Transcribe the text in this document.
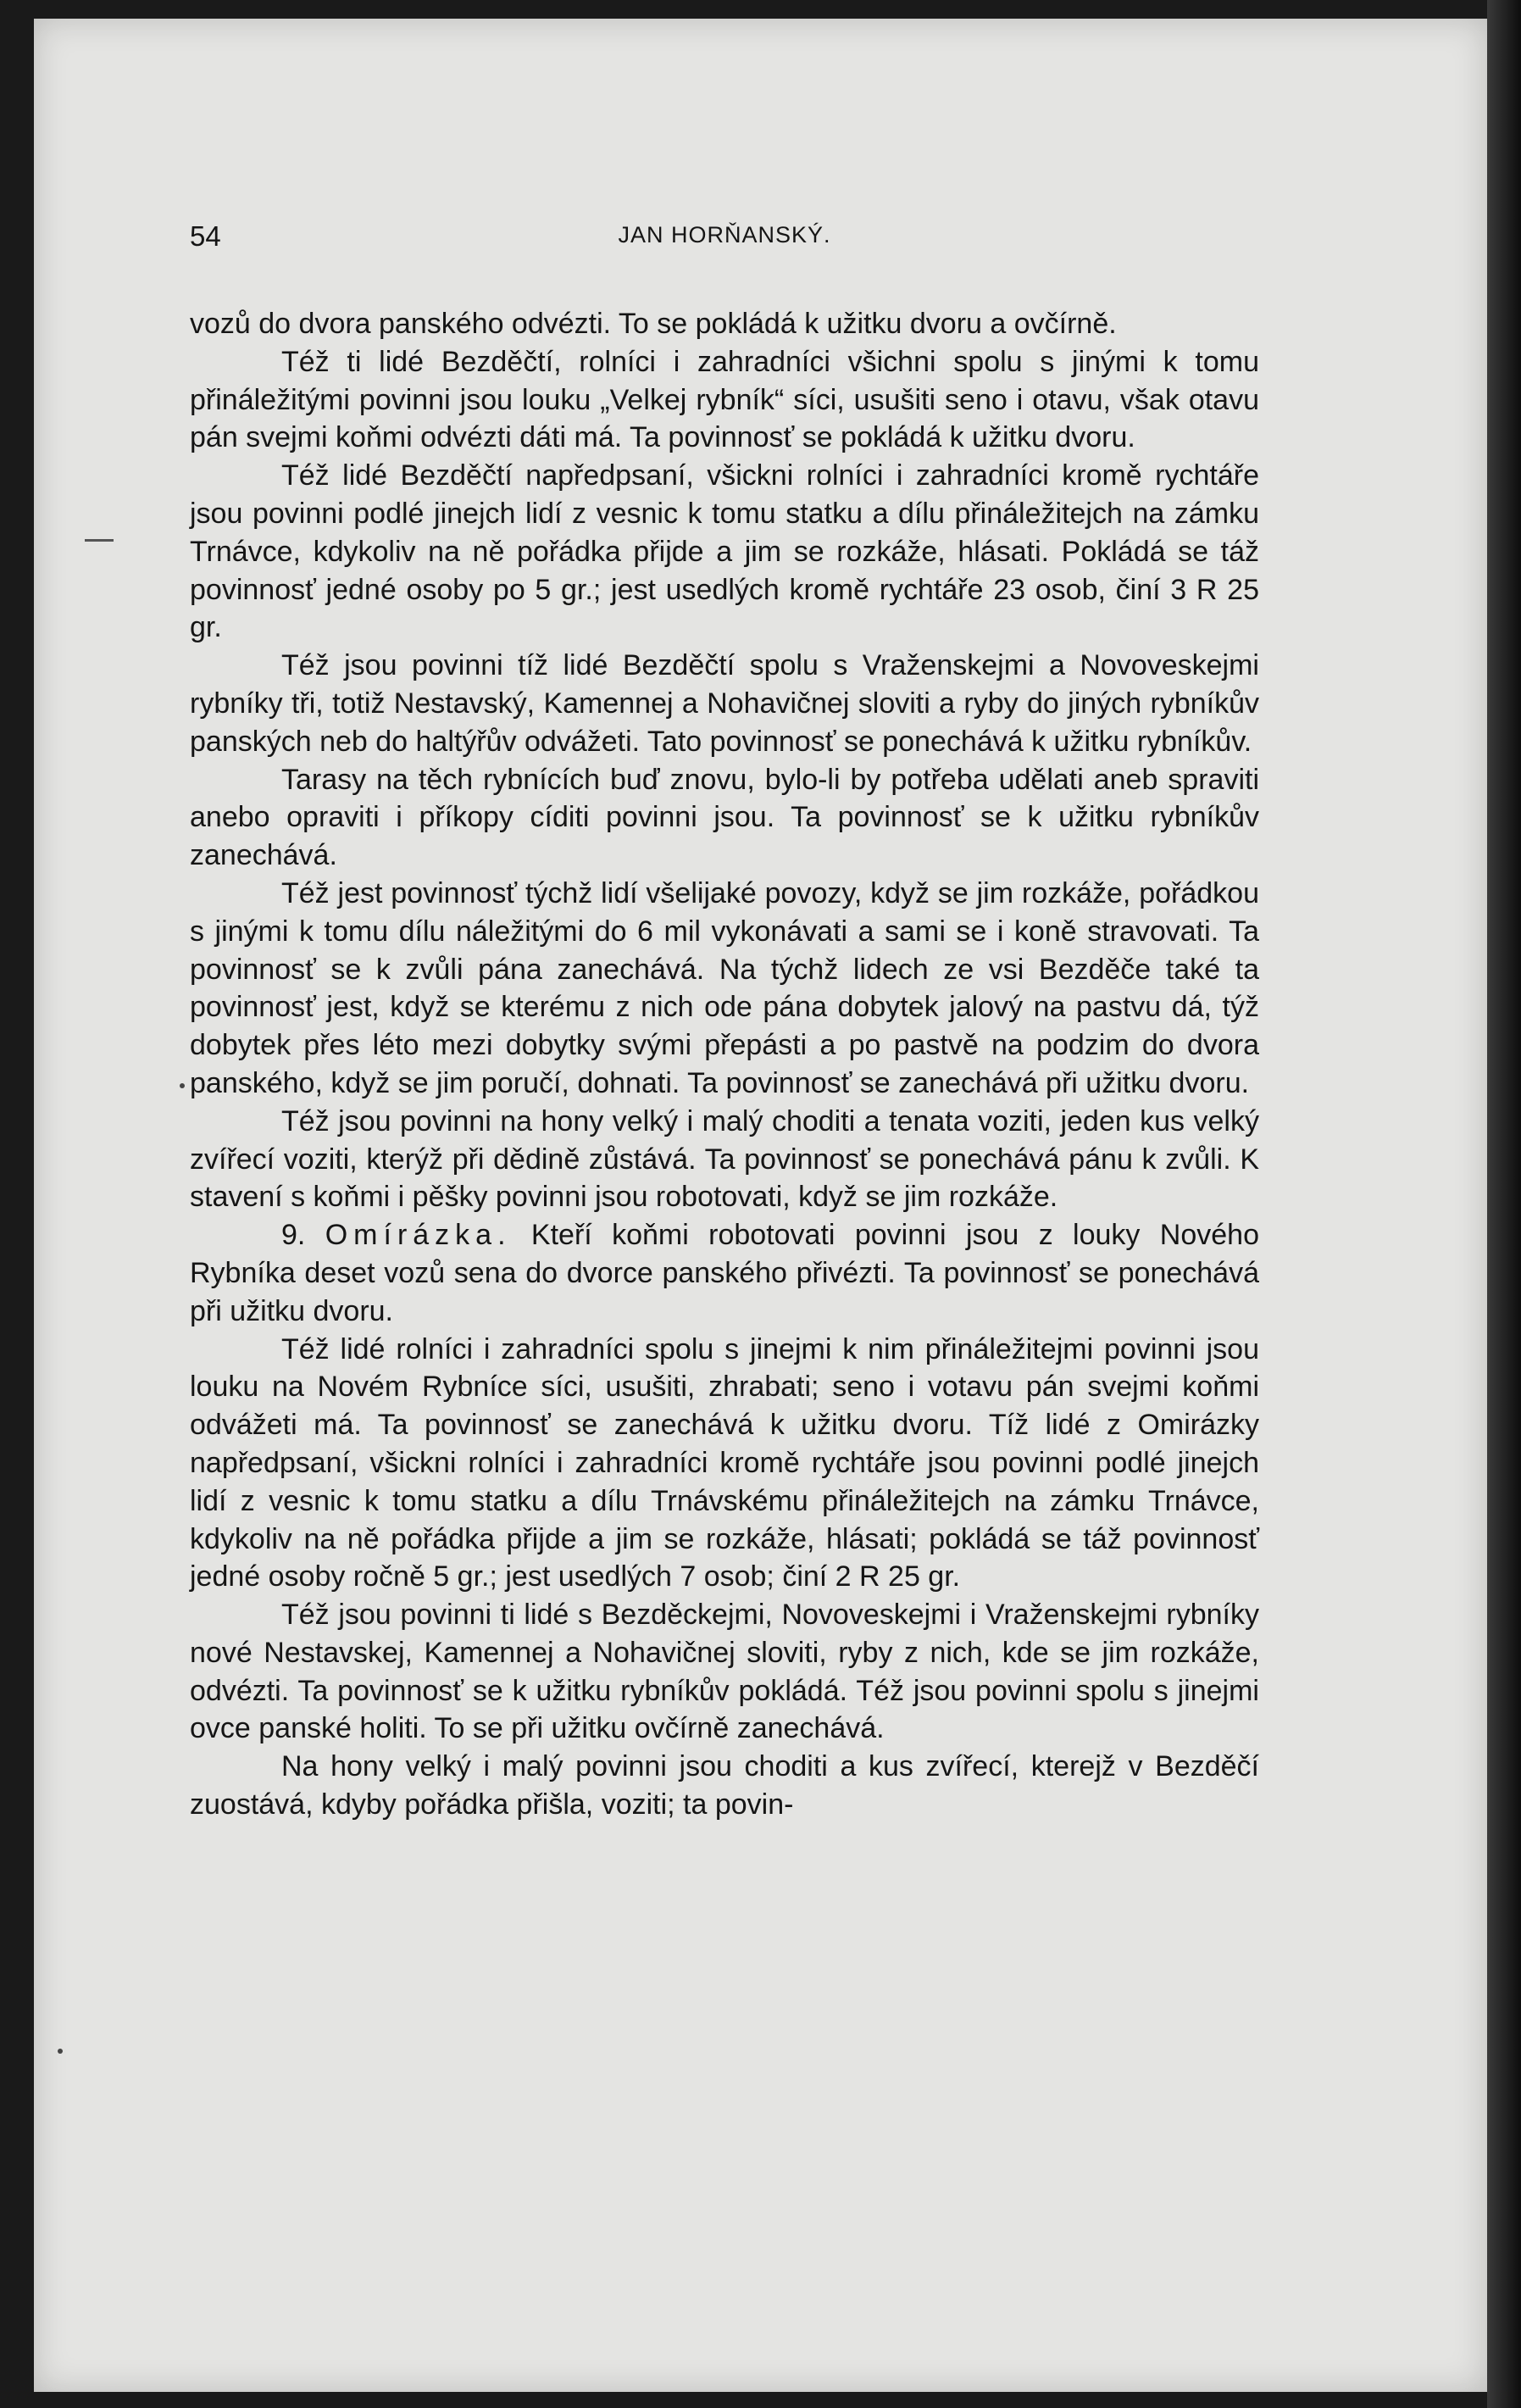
54	JAN HORŇANSKÝ.

vozů do dvora panského odvézti. To se pokládá k užitku dvoru a ovčírně.

Též ti lidé Bezděčtí, rolníci i zahradníci všichni spolu s jinými k tomu přináležitými povinni jsou louku „Velkej rybník“ síci, usušiti seno i otavu, však otavu pán svejmi koňmi odvézti dáti má. Ta povinnosť se pokládá k užitku dvoru.

Též lidé Bezděčtí napředpsaní, všickni rolníci i zahradníci kromě rychtáře jsou povinni podlé jinejch lidí z vesnic k tomu statku a dílu přináležitejch na zámku Trnávce, kdykoliv na ně pořádka přijde a jim se rozkáže, hlásati. Pokládá se táž povinnosť jedné osoby po 5 gr.; jest usedlých kromě rychtáře 23 osob, činí 3 R 25 gr.

Též jsou povinni tíž lidé Bezděčtí spolu s Vraženskejmi a Novoveskejmi rybníky tři, totiž Nestavský, Kamennej a Nohavičnej sloviti a ryby do jiných rybníkův panských neb do haltýřův odvážeti. Tato povinnosť se ponechává k užitku rybníkův.

Tarasy na těch rybnících buď znovu, bylo-li by potřeba udělati aneb spraviti anebo opraviti i příkopy cíditi povinni jsou. Ta povinnosť se k užitku rybníkův zanechává.

Též jest povinnosť týchž lidí všelijaké povozy, když se jim rozkáže, pořádkou s jinými k tomu dílu náležitými do 6 mil vykonávati a sami se i koně stravovati. Ta povinnosť se k zvůli pána zanechává. Na týchž lidech ze vsi Bezděče také ta povinnosť jest, když se kterému z nich ode pána dobytek jalový na pastvu dá, týž dobytek přes léto mezi dobytky svými přepásti a po pastvě na podzim do dvora panského, když se jim poručí, dohnati. Ta povinnosť se zanechává při užitku dvoru.

Též jsou povinni na hony velký i malý choditi a tenata voziti, jeden kus velký zvířecí voziti, kterýž při dědině zůstává. Ta povinnosť se ponechává pánu k zvůli. K stavení s koňmi i pěšky povinni jsou robotovati, když se jim rozkáže.

9. Omírázka. Kteří koňmi robotovati povinni jsou z louky Nového Rybníka deset vozů sena do dvorce panského přivézti. Ta povinnosť se ponechává při užitku dvoru.

Též lidé rolníci i zahradníci spolu s jinejmi k nim přináležitejmi povinni jsou louku na Novém Rybníce síci, usušiti, zhrabati; seno i votavu pán svejmi koňmi odvážeti má. Ta povinnosť se zanechává k užitku dvoru. Tíž lidé z Omirázky napředpsaní, všickni rolníci i zahradníci kromě rychtáře jsou povinni podlé jinejch lidí z vesnic k tomu statku a dílu Trnávskému přináležitejch na zámku Trnávce, kdykoliv na ně pořádka přijde a jim se rozkáže, hlásati; pokládá se táž povinnosť jedné osoby ročně 5 gr.; jest usedlých 7 osob; činí 2 R 25 gr.

Též jsou povinni ti lidé s Bezděckejmi, Novoveskejmi i Vraženskejmi rybníky nové Nestavskej, Kamennej a Nohavičnej sloviti, ryby z nich, kde se jim rozkáže, odvézti. Ta povinnosť se k užitku rybníkův pokládá. Též jsou povinni spolu s jinejmi ovce panské holiti. To se při užitku ovčírně zanechává.

Na hony velký i malý povinni jsou choditi a kus zvířecí, kterejž v Bezděčí zuostává, kdyby pořádka přišla, voziti; ta povin-
